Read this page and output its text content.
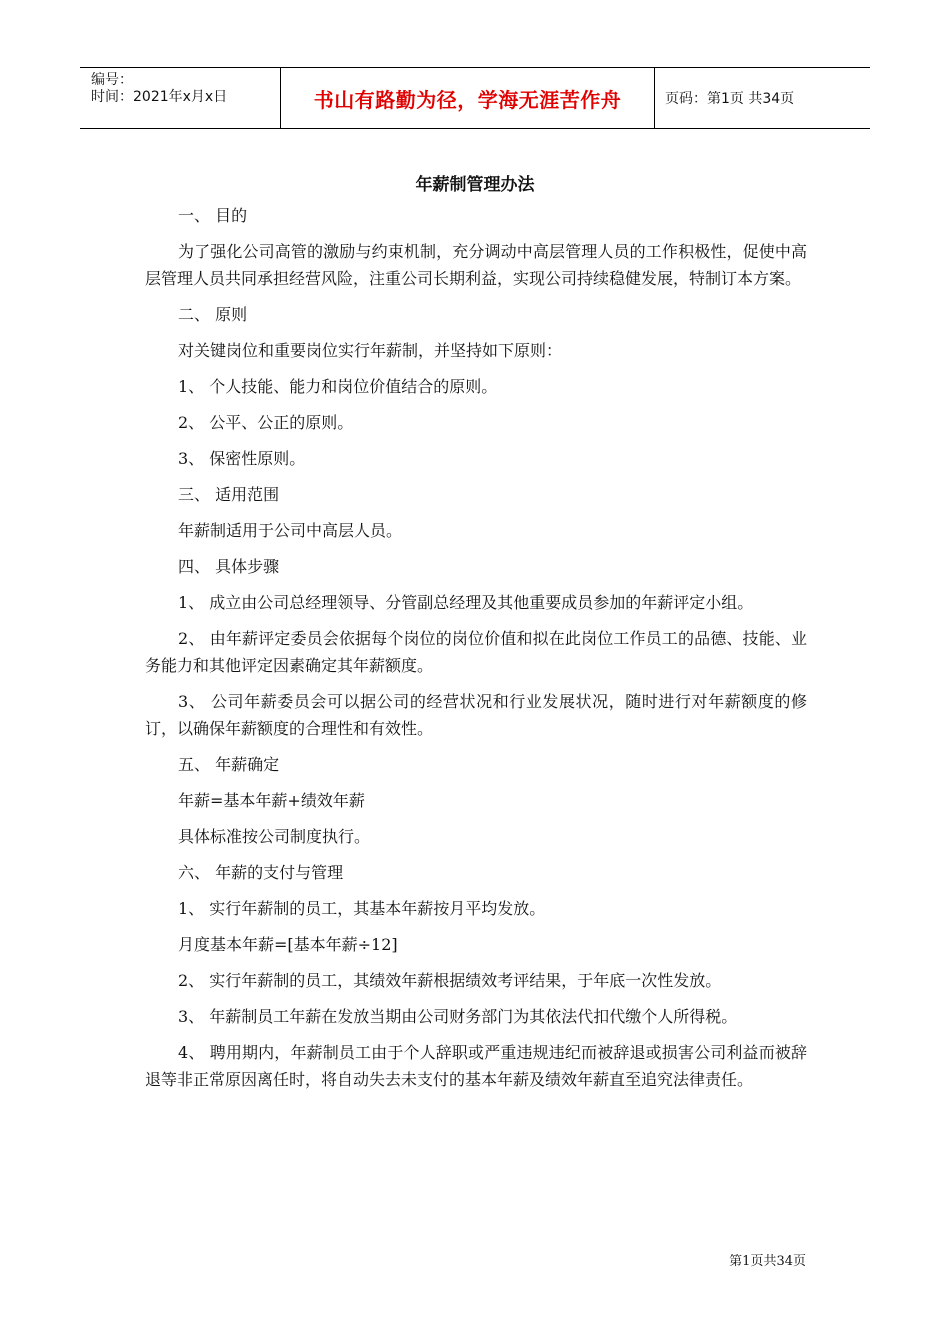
编号：
时间：2021年x月x日	书山有路勤为径，学海无涯苦作舟	页码：第1页 共34页
年薪制管理办法

一、 目的

为了强化公司高管的激励与约束机制，充分调动中高层管理人员的工作积极性，促使中高层管理人员共同承担经营风险，注重公司长期利益，实现公司持续稳健发展，特制订本方案。

二、 原则

对关键岗位和重要岗位实行年薪制，并坚持如下原则：

1、 个人技能、能力和岗位价值结合的原则。

2、 公平、公正的原则。

3、 保密性原则。

三、 适用范围

年薪制适用于公司中高层人员。

四、 具体步骤

1、 成立由公司总经理领导、分管副总经理及其他重要成员参加的年薪评定小组。

2、 由年薪评定委员会依据每个岗位的岗位价值和拟在此岗位工作员工的品德、技能、业务能力和其他评定因素确定其年薪额度。

3、 公司年薪委员会可以据公司的经营状况和行业发展状况，随时进行对年薪额度的修订，以确保年薪额度的合理性和有效性。

五、 年薪确定

年薪=基本年薪+绩效年薪

具体标准按公司制度执行。

六、 年薪的支付与管理

1、 实行年薪制的员工，其基本年薪按月平均发放。

月度基本年薪=[基本年薪÷12]

2、 实行年薪制的员工，其绩效年薪根据绩效考评结果，于年底一次性发放。

3、 年薪制员工年薪在发放当期由公司财务部门为其依法代扣代缴个人所得税。

4、 聘用期内，年薪制员工由于个人辞职或严重违规违纪而被辞退或损害公司利益而被辞退等非正常原因离任时，将自动失去未支付的基本年薪及绩效年薪直至追究法律责任。

第1页共34页
